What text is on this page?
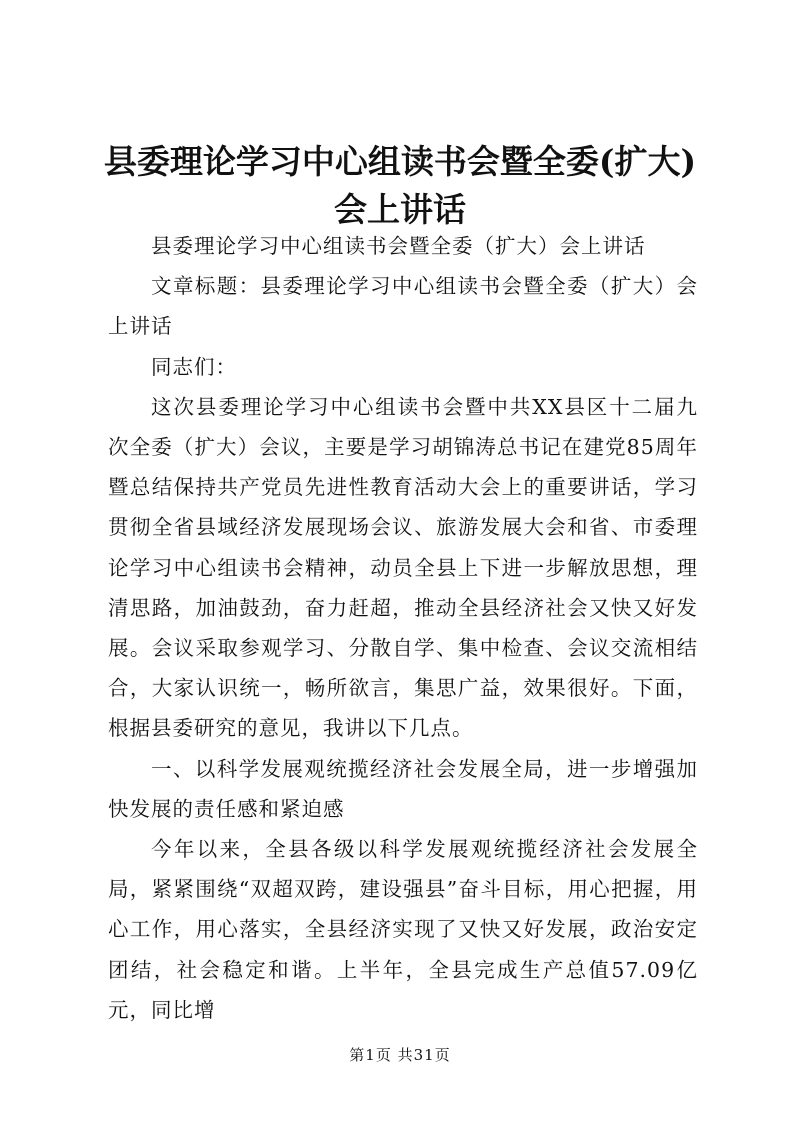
县委理论学习中心组读书会暨全委(扩大)会上讲话

县委理论学习中心组读书会暨全委（扩大）会上讲话

文章标题：县委理论学习中心组读书会暨全委（扩大）会上讲话

同志们：

这次县委理论学习中心组读书会暨中共XX县区十二届九次全委（扩大）会议，主要是学习胡锦涛总书记在建党85周年暨总结保持共产党员先进性教育活动大会上的重要讲话，学习贯彻全省县域经济发展现场会议、旅游发展大会和省、市委理论学习中心组读书会精神，动员全县上下进一步解放思想，理清思路，加油鼓劲，奋力赶超，推动全县经济社会又快又好发展。会议采取参观学习、分散自学、集中检查、会议交流相结合，大家认识统一，畅所欲言，集思广益，效果很好。下面，根据县委研究的意见，我讲以下几点。

一、以科学发展观统揽经济社会发展全局，进一步增强加快发展的责任感和紧迫感

今年以来，全县各级以科学发展观统揽经济社会发展全局，紧紧围绕“双超双跨，建设强县”奋斗目标，用心把握，用心工作，用心落实，全县经济实现了又快又好发展，政治安定团结，社会稳定和谐。上半年，全县完成生产总值57.09亿元，同比增

第1页 共31页
